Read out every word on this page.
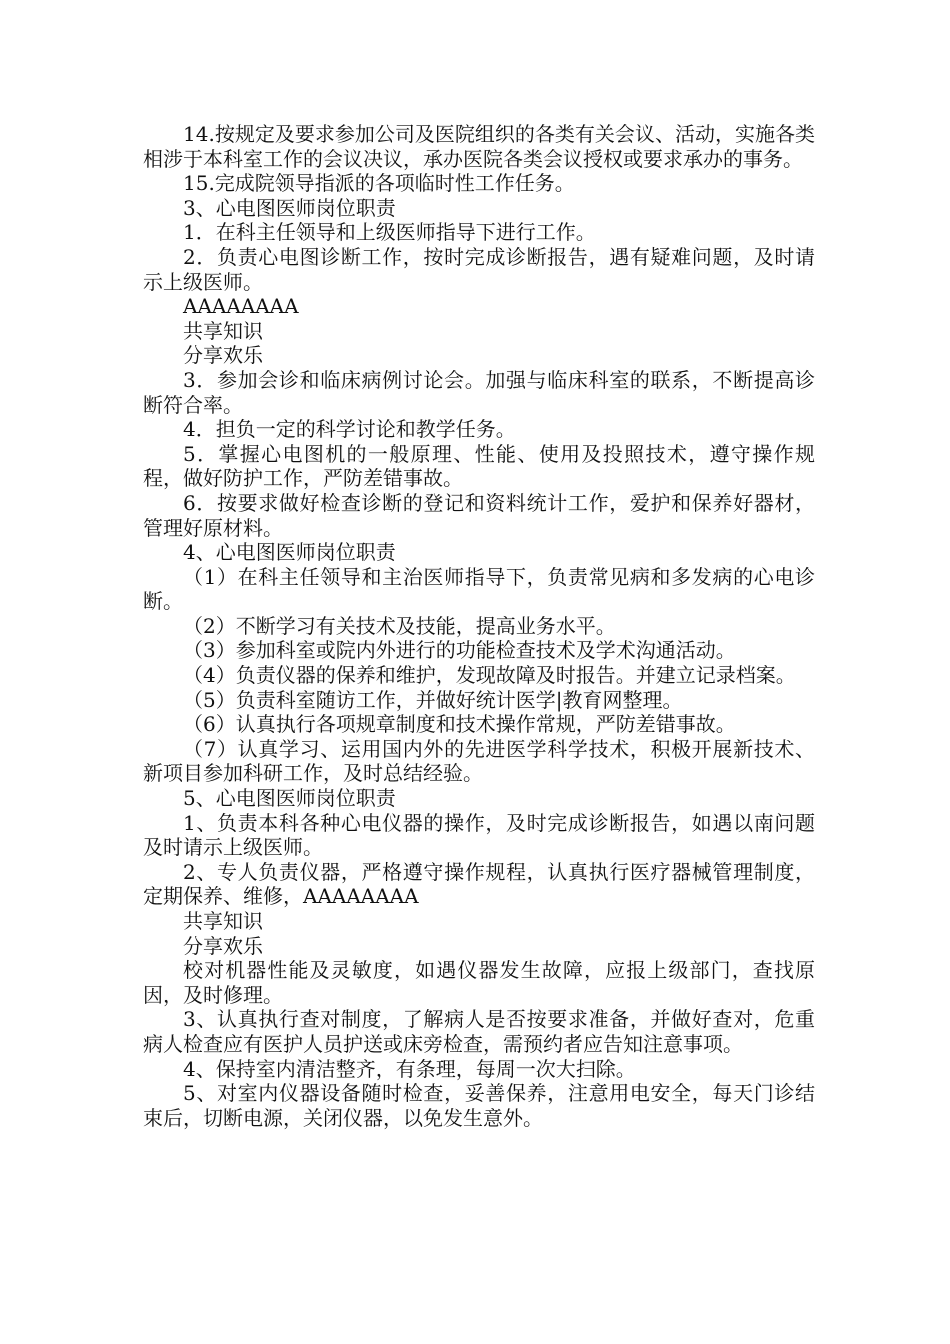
14.按规定及要求参加公司及医院组织的各类有关会议、活动，实施各类相涉于本科室工作的会议决议，承办医院各类会议授权或要求承办的事务。

15.完成院领导指派的各项临时性工作任务。

3、心电图医师岗位职责

1．在科主任领导和上级医师指导下进行工作。

2．负责心电图诊断工作，按时完成诊断报告，遇有疑难问题，及时请示上级医师。

AAAAAAAA

共享知识

分享欢乐

3．参加会诊和临床病例讨论会。加强与临床科室的联系，不断提高诊断符合率。

4．担负一定的科学讨论和教学任务。

5．掌握心电图机的一般原理、性能、使用及投照技术，遵守操作规程，做好防护工作，严防差错事故。

6．按要求做好检查诊断的登记和资料统计工作，爱护和保养好器材，管理好原材料。

4、心电图医师岗位职责

（1）在科主任领导和主治医师指导下，负责常见病和多发病的心电诊断。

（2）不断学习有关技术及技能，提高业务水平。

（3）参加科室或院内外进行的功能检查技术及学术沟通活动。

（4）负责仪器的保养和维护，发现故障及时报告。并建立记录档案。

（5）负责科室随访工作，并做好统计医学|教育网整理。

（6）认真执行各项规章制度和技术操作常规，严防差错事故。

（7）认真学习、运用国内外的先进医学科学技术，积极开展新技术、新项目参加科研工作，及时总结经验。

5、心电图医师岗位职责

1、负责本科各种心电仪器的操作，及时完成诊断报告，如遇以南问题及时请示上级医师。

2、专人负责仪器，严格遵守操作规程，认真执行医疗器械管理制度，定期保养、维修，AAAAAAAA

共享知识

分享欢乐

校对机器性能及灵敏度，如遇仪器发生故障，应报上级部门，查找原因，及时修理。

3、认真执行查对制度，了解病人是否按要求准备，并做好查对，危重病人检查应有医护人员护送或床旁检查，需预约者应告知注意事项。

4、保持室内清洁整齐，有条理，每周一次大扫除。

5、对室内仪器设备随时检查，妥善保养，注意用电安全，每天门诊结束后，切断电源，关闭仪器，以免发生意外。
